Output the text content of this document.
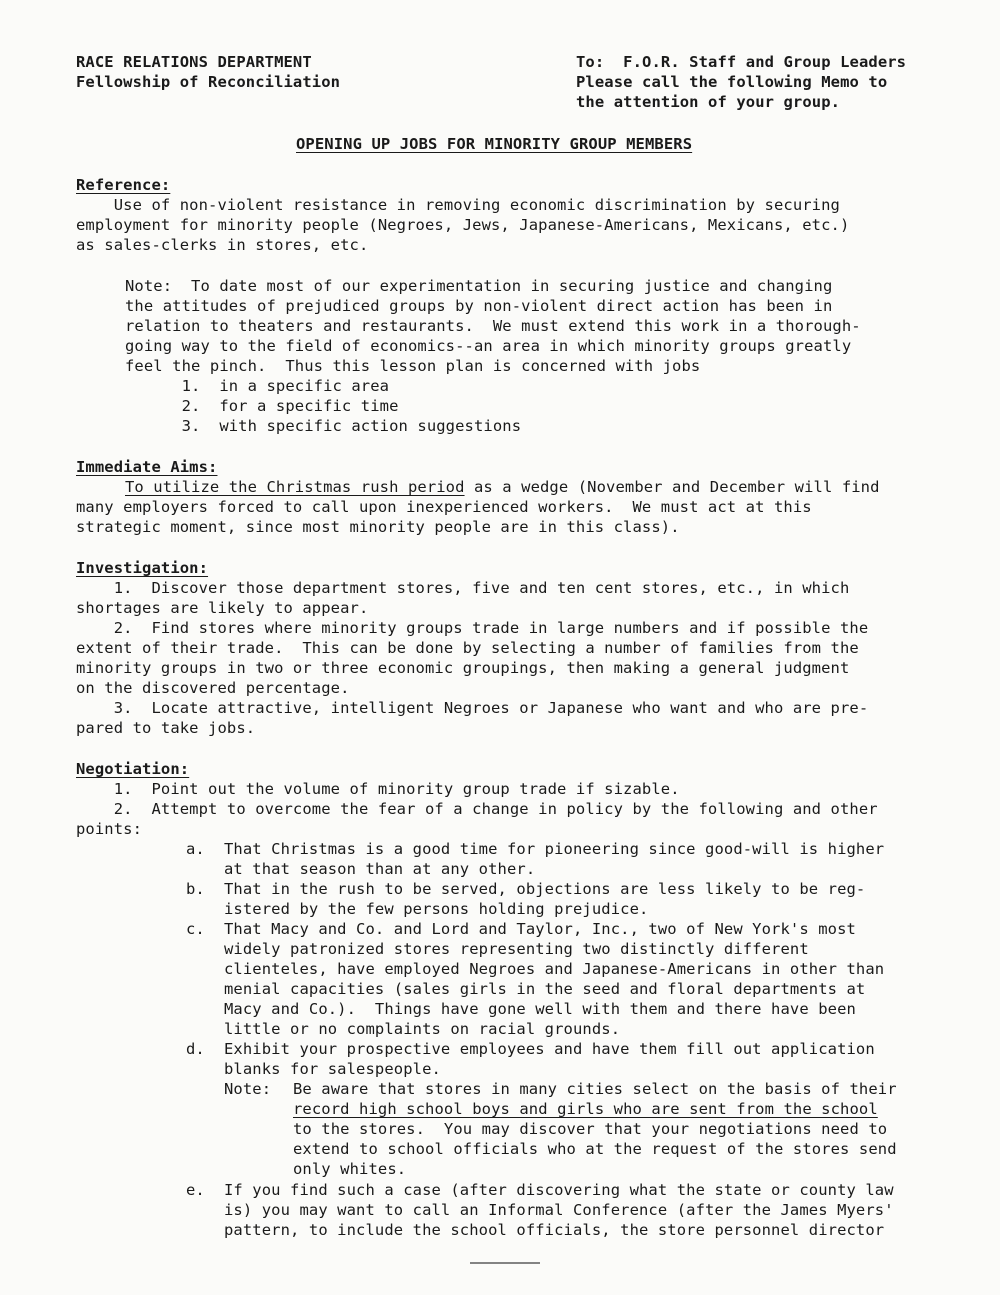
RACE RELATIONS DEPARTMENT
Fellowship of Reconciliation
To:  F.O.R. Staff and Group Leaders
Please call the following Memo to
the attention of your group.
OPENING UP JOBS FOR MINORITY GROUP MEMBERS
Reference:
Use of non-violent resistance in removing economic discrimination by securing
employment for minority people (Negroes, Jews, Japanese-Americans, Mexicans, etc.)
as sales-clerks in stores, etc.
Note:  To date most of our experimentation in securing justice and changing
the attitudes of prejudiced groups by non-violent direct action has been in
relation to theaters and restaurants.  We must extend this work in a thorough-
going way to the field of economics--an area in which minority groups greatly
feel the pinch.  Thus this lesson plan is concerned with jobs
1.  in a specific area
2.  for a specific time
3.  with specific action suggestions
Immediate Aims:
To utilize the Christmas rush period as a wedge (November and December will find
many employers forced to call upon inexperienced workers.  We must act at this
strategic moment, since most minority people are in this class).
Investigation:
1.  Discover those department stores, five and ten cent stores, etc., in which
shortages are likely to appear.
2.  Find stores where minority groups trade in large numbers and if possible the
extent of their trade.  This can be done by selecting a number of families from the
minority groups in two or three economic groupings, then making a general judgment
on the discovered percentage.
3.  Locate attractive, intelligent Negroes or Japanese who want and who are pre-
pared to take jobs.
Negotiation:
1.  Point out the volume of minority group trade if sizable.
2.  Attempt to overcome the fear of a change in policy by the following and other
points:
a. That Christmas is a good time for pioneering since good-will is higher
at that season than at any other.
b. That in the rush to be served, objections are less likely to be reg-
istered by the few persons holding prejudice.
c. That Macy and Co. and Lord and Taylor, Inc., two of New York's most
widely patronized stores representing two distinctly different
clienteles, have employed Negroes and Japanese-Americans in other than
menial capacities (sales girls in the seed and floral departments at
Macy and Co.).  Things have gone well with them and there have been
little or no complaints on racial grounds.
d. Exhibit your prospective employees and have them fill out application
blanks for salespeople.
Note: Be aware that stores in many cities select on the basis of their
record high school boys and girls who are sent from the school
to the stores.  You may discover that your negotiations need to
extend to school officials who at the request of the stores send
only whites.
e. If you find such a case (after discovering what the state or county law
is) you may want to call an Informal Conference (after the James Myers'
pattern, to include the school officials, the store personnel director
